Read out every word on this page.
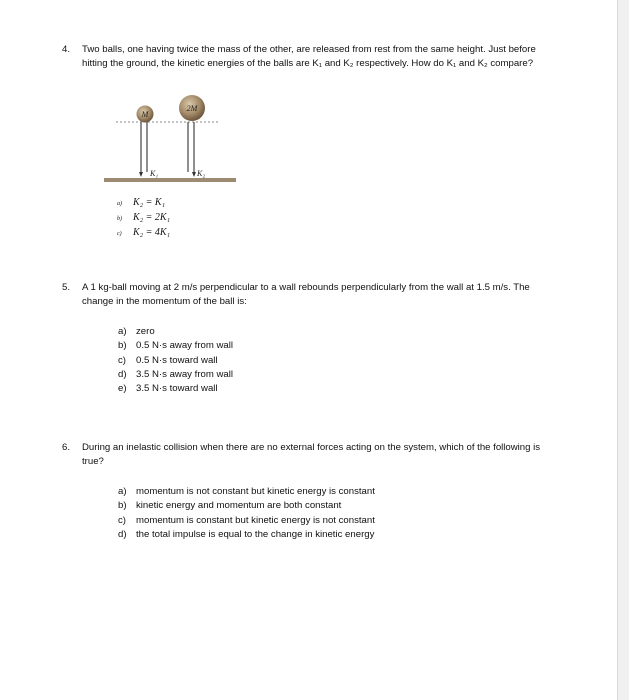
4. Two balls, one having twice the mass of the other, are released from rest from the same height. Just before hitting the ground, the kinetic energies of the balls are K₁ and K₂ respectively. How do K₁ and K₂ compare?
M
2M
K₁	K₂
a) K₂ = K₁
b) K₂ = 2K₁
c) K₂ = 4K₁
5. A 1 kg-ball moving at 2 m/s perpendicular to a wall rebounds perpendicularly from the wall at 1.5 m/s. The change in the momentum of the ball is:
a) zero
b) 0.5 N·s away from wall
c) 0.5 N·s toward wall
d) 3.5 N·s away from wall
e) 3.5 N·s toward wall
6. During an inelastic collision when there are no external forces acting on the system, which of the following is true?
a) momentum is not constant but kinetic energy is constant
b) kinetic energy and momentum are both constant
c) momentum is constant but kinetic energy is not constant
d) the total impulse is equal to the change in kinetic energy
